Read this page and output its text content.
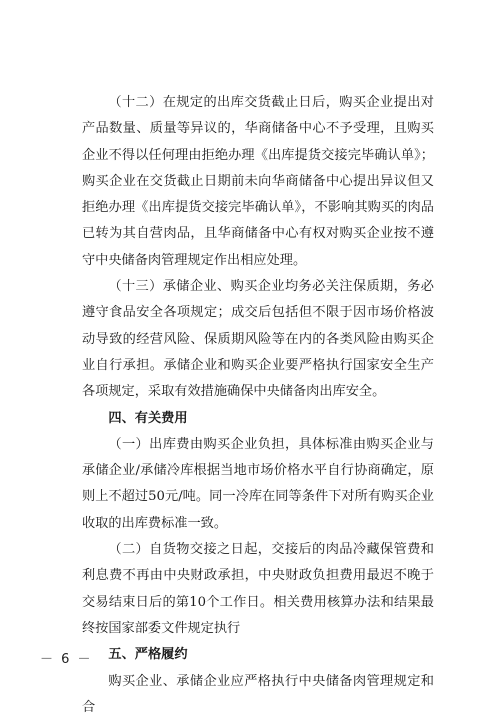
（十二）在规定的出库交货截止日后，购买企业提出对产品数量、质量等异议的，华商储备中心不予受理，且购买企业不得以任何理由拒绝办理《出库提货交接完毕确认单》；购买企业在交货截止日期前未向华商储备中心提出异议但又拒绝办理《出库提货交接完毕确认单》，不影响其购买的肉品已转为其自营肉品，且华商储备中心有权对购买企业按不遵守中央储备肉管理规定作出相应处理。

（十三）承储企业、购买企业均务必关注保质期，务必遵守食品安全各项规定；成交后包括但不限于因市场价格波动导致的经营风险、保质期风险等在内的各类风险由购买企业自行承担。承储企业和购买企业要严格执行国家安全生产各项规定，采取有效措施确保中央储备肉出库安全。

四、有关费用

（一）出库费由购买企业负担，具体标准由购买企业与承储企业/承储冷库根据当地市场价格水平自行协商确定，原则上不超过50元/吨。同一冷库在同等条件下对所有购买企业收取的出库费标准一致。

（二）自货物交接之日起，交接后的肉品冷藏保管费和利息费不再由中央财政承担，中央财政负担费用最迟不晚于交易结束日后的第10个工作日。相关费用核算办法和结果最终按国家部委文件规定执行

五、严格履约

购买企业、承储企业应严格执行中央储备肉管理规定和合

－ 6 －
